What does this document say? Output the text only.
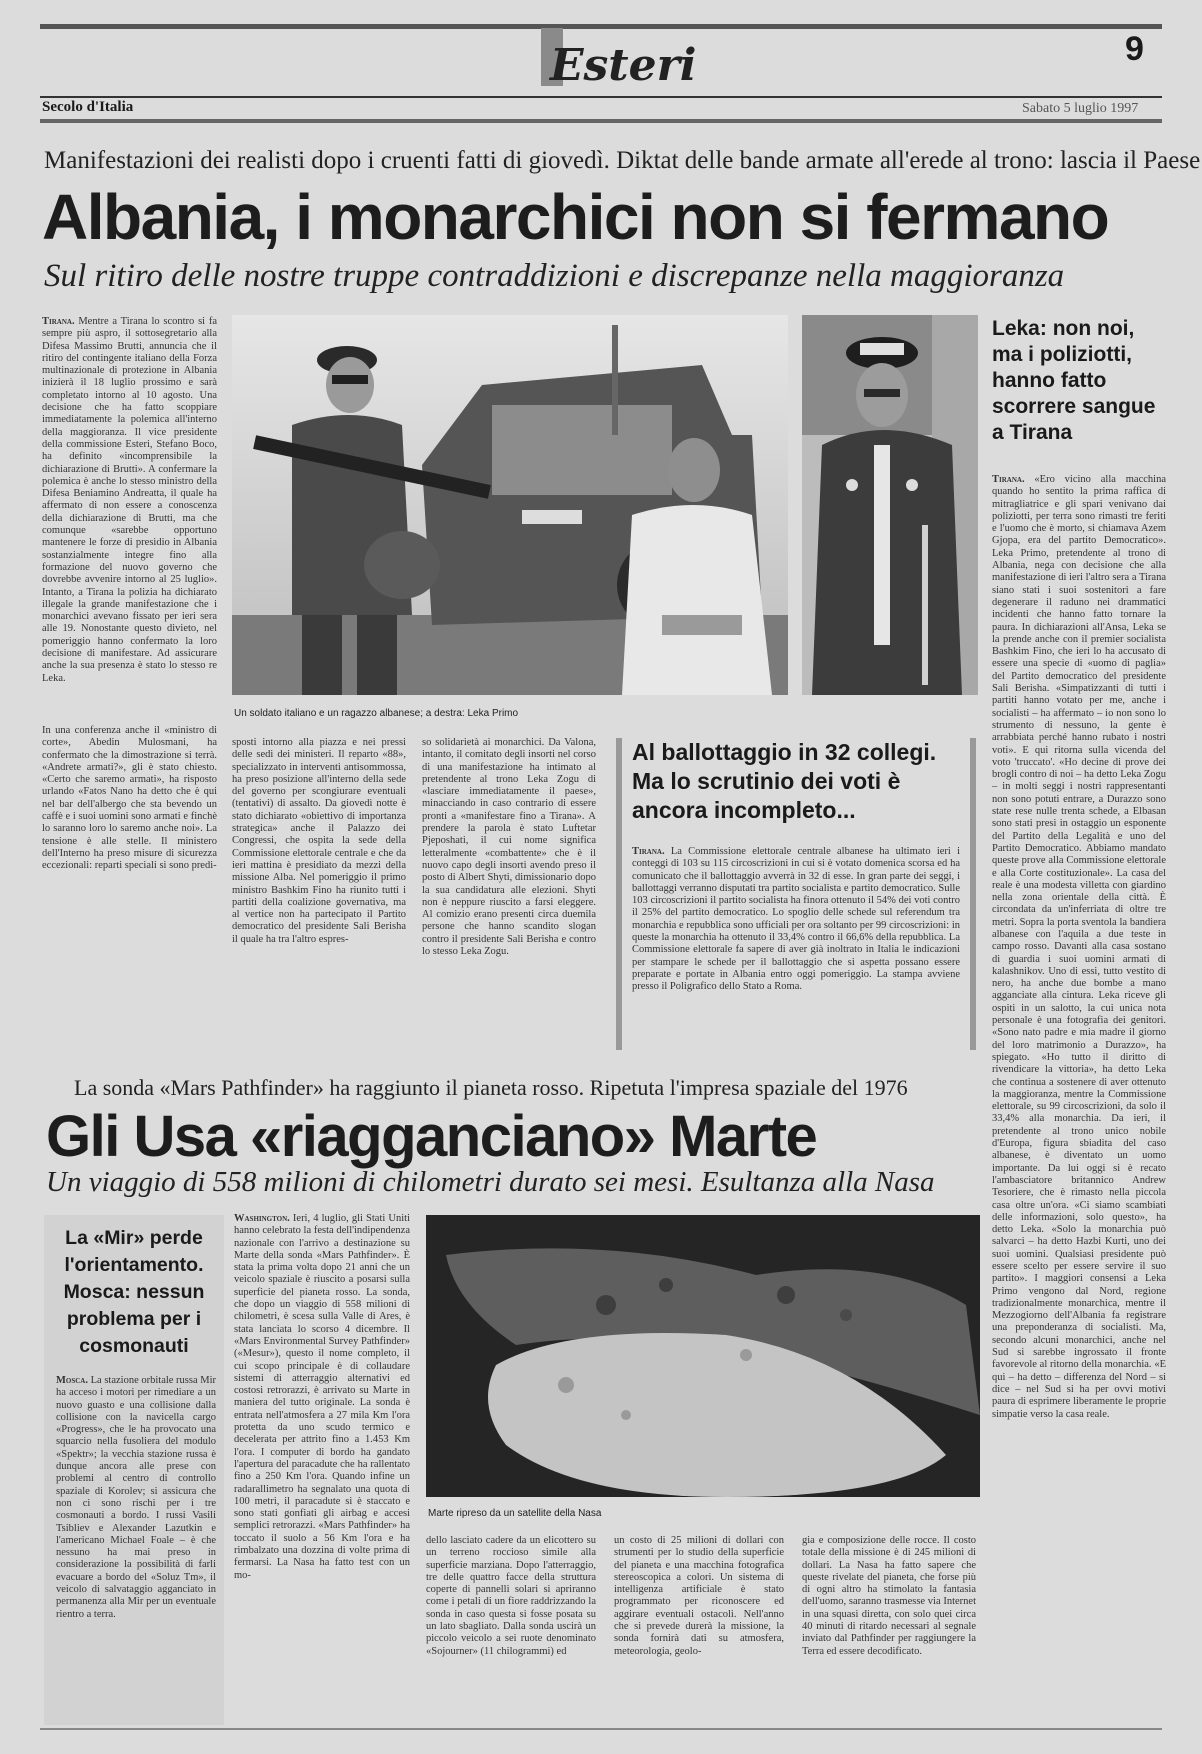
Esteri	9
Secolo d'Italia	Sabato 5 luglio 1997
Manifestazioni dei realisti dopo i cruenti fatti di giovedì. Diktat delle bande armate all'erede al trono: lascia il Paese
Albania, i monarchici non si fermano
Sul ritiro delle nostre truppe contraddizioni e discrepanze nella maggioranza
Tirana. Mentre a Tirana lo scontro si fa sempre più aspro, il sottosegretario alla Difesa Massimo Brutti, annuncia che il ritiro del contingente italiano della Forza multinazionale di protezione in Albania inizierà il 18 luglio prossimo e sarà completato intorno al 10 agosto. Una decisione che ha fatto scoppiare immediatamente la polemica all'interno della maggioranza. Il vice presidente della commissione Esteri, Stefano Boco, ha definito «incomprensibile la dichiarazione di Brutti». A confermare la polemica è anche lo stesso ministro della Difesa Beniamino Andreatta, il quale ha affermato di non essere a conoscenza della dichiarazione di Brutti, ma che comunque «sarebbe opportuno mantenere le forze di presidio in Albania sostanzialmente integre fino alla formazione del nuovo governo che dovrebbe avvenire intorno al 25 luglio». Intanto, a Tirana la polizia ha dichiarato illegale la grande manifestazione che i monarchici avevano fissato per ieri sera alle 19. Nonostante questo divieto, nel pomeriggio hanno confermato la loro decisione di manifestare. Ad assicurare anche la sua presenza è stato lo stesso re Leka.
Un soldato italiano e un ragazzo albanese; a destra: Leka Primo
Leka: non noi, ma i poliziotti, hanno fatto scorrere sangue a Tirana
Tirana. «Ero vicino alla macchina quando ho sentito la prima raffica di mitragliatrice e gli spari venivano dai poliziotti, per terra sono rimasti tre feriti e l'uomo che è morto, si chiamava Azem Gjopa, era del partito Democratico». Leka Primo, pretendente al trono di Albania, nega con decisione che alla manifestazione di ieri l'altro sera a Tirana siano stati i suoi sostenitori a fare degenerare il raduno nei drammatici incidenti che hanno fatto tornare la paura. In dichiarazioni all'Ansa, Leka se la prende anche con il premier socialista Bashkim Fino, che ieri lo ha accusato di essere una specie di «uomo di paglia» del Partito democratico del presidente Sali Berisha. «Simpatizzanti di tutti i partiti hanno votato per me, anche i socialisti – ha affermato – io non sono lo strumento di nessuno, la gente è arrabbiata perché hanno rubato i nostri voti». E qui ritorna sulla vicenda del voto 'truccato'. «Ho decine di prove dei brogli contro di noi – ha detto Leka Zogu – in molti seggi i nostri rappresentanti non sono potuti entrare, a Durazzo sono state rese nulle trenta schede, a Elbasan sono stati presi in ostaggio un esponente del Partito della Legalità e uno del Partito Democratico. Abbiamo mandato queste prove alla Commissione elettorale e alla Corte costituzionale». La casa del reale è una modesta villetta con giardino nella zona orientale della città. È circondata da un'inferriata di oltre tre metri. Sopra la porta sventola la bandiera albanese con l'aquila a due teste in campo rosso. Davanti alla casa sostano di guardia i suoi uomini armati di kalashnikov. Uno di essi, tutto vestito di nero, ha anche due bombe a mano agganciate alla cintura. Leka riceve gli ospiti in un salotto, la cui unica nota personale è una fotografia dei genitori. «Sono nato padre e mia madre il giorno del loro matrimonio a Durazzo», ha spiegato. «Ho tutto il diritto di rivendicare la vittoria», ha detto Leka che continua a sostenere di aver ottenuto la maggioranza, mentre la Commissione elettorale, su 99 circoscrizioni, da solo il 33,4% alla monarchia. Da ieri, il pretendente al trono unico nobile d'Europa, figura sbiadita del caso albanese, è diventato un uomo importante. Da lui oggi si è recato l'ambasciatore britannico Andrew Tesoriere, che è rimasto nella piccola casa oltre un'ora. «Ci siamo scambiati delle informazioni, solo questo», ha detto Leka. «Solo la monarchia può salvarci – ha detto Hazbi Kurti, uno dei suoi uomini. Qualsiasi presidente può essere scelto per essere servire il suo partito». I maggiori consensi a Leka Primo vengono dal Nord, regione tradizionalmente monarchica, mentre il Mezzogiorno dell'Albania fa registrare una preponderanza di socialisti. Ma, secondo alcuni monarchici, anche nel Sud si sarebbe ingrossato il fronte favorevole al ritorno della monarchia. «E qui – ha detto – differenza del Nord – si dice – nel Sud si ha per ovvi motivi paura di esprimere liberamente le proprie simpatie verso la casa reale.
In una conferenza anche il «ministro di corte», Abedin Mulosmani, ha confermato che la dimostrazione si terrà. «Andrete armati?», gli è stato chiesto. «Certo che saremo armati», ha risposto urlando «Fatos Nano ha detto che è qui nel bar dell'albergo che sta bevendo un caffè e i suoi uomini sono armati e finchè lo saranno loro lo saremo anche noi». La tensione è alle stelle. Il ministero dell'Interno ha preso misure di sicurezza eccezionali: reparti speciali si sono predi-
sposti intorno alla piazza e nei pressi delle sedi dei ministeri. Il reparto «88», specializzato in interventi antisommossa, ha preso posizione all'interno della sede del governo per scongiurare eventuali (tentativi) di assalto. Da giovedì notte è stato dichiarato «obiettivo di importanza strategica» anche il Palazzo dei Congressi, che ospita la sede della Commissione elettorale centrale e che da ieri mattina è presidiato da mezzi della missione Alba. Nel pomeriggio il primo ministro Bashkim Fino ha riunito tutti i partiti della coalizione governativa, ma al vertice non ha partecipato il Partito democratico del presidente Sali Berisha il quale ha tra l'altro espres-
so solidarietà ai monarchici. Da Valona, intanto, il comitato degli insorti nel corso di una manifestazione ha intimato al pretendente al trono Leka Zogu di «lasciare immediatamente il paese», minacciando in caso contrario di essere pronti a «manifestare fino a Tirana». A prendere la parola è stato Luftetar Pjeposhati, il cui nome significa letteralmente «combattente» che è il nuovo capo degli insorti avendo preso il posto di Albert Shyti, dimissionario dopo la sua candidatura alle elezioni. Shyti non è neppure riuscito a farsi eleggere. Al comizio erano presenti circa duemila persone che hanno scandito slogan contro il presidente Sali Berisha e contro lo stesso Leka Zogu.
Al ballottaggio in 32 collegi. Ma lo scrutinio dei voti è ancora incompleto...
Tirana. La Commissione elettorale centrale albanese ha ultimato ieri i conteggi di 103 su 115 circoscrizioni in cui si è votato domenica scorsa ed ha comunicato che il ballottaggio avverrà in 32 di esse. In gran parte dei seggi, i ballottaggi verranno disputati tra partito socialista e partito democratico. Sulle 103 circoscrizioni il partito socialista ha finora ottenuto il 54% dei voti contro il 25% del partito democratico. Lo spoglio delle schede sul referendum tra monarchia e repubblica sono ufficiali per ora soltanto per 99 circoscrizioni: in queste la monarchia ha ottenuto il 33,4% contro il 66,6% della repubblica. La Commissione elettorale fa sapere di aver già inoltrato in Italia le indicazioni per stampare le schede per il ballottaggio che si aspetta possano essere preparate e portate in Albania entro oggi pomeriggio. La stampa avviene presso il Poligrafico dello Stato a Roma.
La sonda «Mars Pathfinder» ha raggiunto il pianeta rosso. Ripetuta l'impresa spaziale del 1976
Gli Usa «riagganciano» Marte
Un viaggio di 558 milioni di chilometri durato sei mesi. Esultanza alla Nasa
La «Mir» perde l'orientamento. Mosca: nessun problema per i cosmonauti
Mosca. La stazione orbitale russa Mir ha acceso i motori per rimediare a un nuovo guasto e una collisione dalla collisione con la navicella cargo «Progress», che le ha provocato una squarcio nella fusoliera del modulo «Spektr»; la vecchia stazione russa è dunque ancora alle prese con problemi al centro di controllo spaziale di Korolev; si assicura che non ci sono rischi per i tre cosmonauti a bordo. I russi Vasili Tsibliev e Alexander Lazutkin e l'americano Michael Foale – è che nessuno ha mai preso in considerazione la possibilità di farli evacuare a bordo del «Soluz Tm», il veicolo di salvataggio agganciato in permanenza alla Mir per un eventuale rientro a terra.
Washington. Ieri, 4 luglio, gli Stati Uniti hanno celebrato la festa dell'indipendenza nazionale con l'arrivo a destinazione su Marte della sonda «Mars Pathfinder». È stata la prima volta dopo 21 anni che un veicolo spaziale è riuscito a posarsi sulla superficie del pianeta rosso. La sonda, che dopo un viaggio di 558 milioni di chilometri, è scesa sulla Valle di Ares, è stata lanciata lo scorso 4 dicembre. Il «Mars Environmental Survey Pathfinder» («Mesur»), questo il nome completo, il cui scopo principale è di collaudare sistemi di atterraggio alternativi ed costosi retrorazzi, è arrivato su Marte in maniera del tutto originale. La sonda è entrata nell'atmosfera a 27 mila Km l'ora protetta da uno scudo termico e decelerata per attrito fino a 1.453 Km l'ora. I computer di bordo ha gandato l'apertura del paracadute che ha rallentato fino a 250 Km l'ora. Quando infine un radarallimetro ha segnalato una quota di 100 metri, il paracadute si è staccato e sono stati gonfiati gli airbag e accesi semplici retrorazzi. «Mars Pathfinder» ha toccato il suolo a 56 Km l'ora e ha rimbalzato una dozzina di volte prima di fermarsi. La Nasa ha fatto test con un mo-
Marte ripreso da un satellite della Nasa
dello lasciato cadere da un elicottero su un terreno roccioso simile alla superficie marziana. Dopo l'atterraggio, tre delle quattro facce della struttura coperte di pannelli solari si apriranno come i petali di un fiore raddrizzando la sonda in caso questa si fosse posata su un lato sbagliato. Dalla sonda uscirà un piccolo veicolo a sei ruote denominato «Sojourner» (11 chilogrammi) ed
un costo di 25 milioni di dollari con strumenti per lo studio della superficie del pianeta e una macchina fotografica stereoscopica a colori. Un sistema di intelligenza artificiale è stato programmato per riconoscere ed aggirare eventuali ostacoli. Nell'anno che si prevede durerà la missione, la sonda fornirà dati su atmosfera, meteorologia, geolo-
gia e composizione delle rocce. Il costo totale della missione è di 245 milioni di dollari. La Nasa ha fatto sapere che queste rivelate del pianeta, che forse più di ogni altro ha stimolato la fantasia dell'uomo, saranno trasmesse via Internet in una squasi diretta, con solo quei circa 40 minuti di ritardo necessari al segnale inviato dal Pathfinder per raggiungere la Terra ed essere decodificato.
